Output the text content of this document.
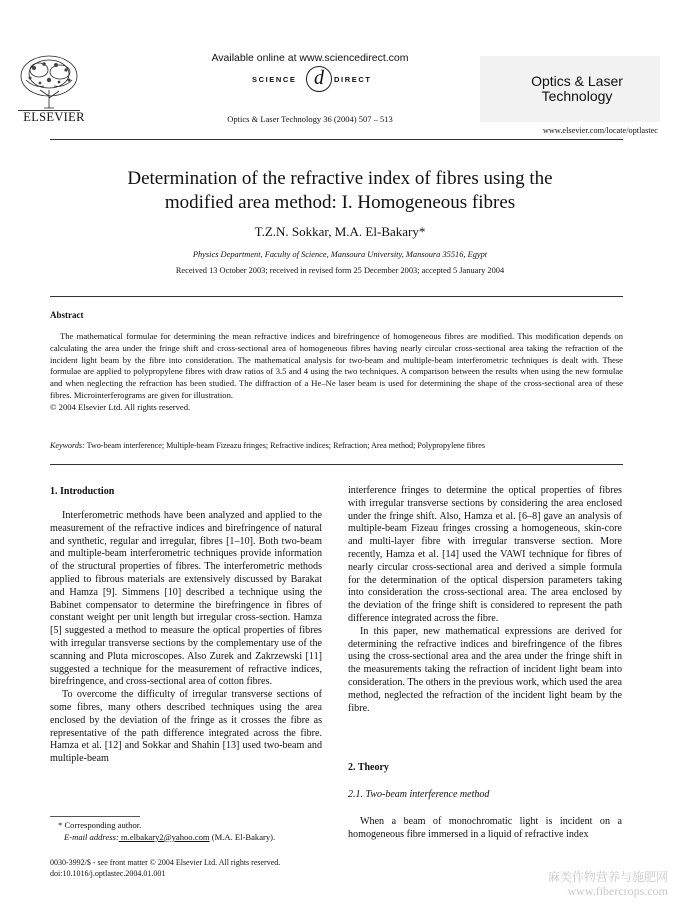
ELSEVIER
Available online at www.sciencedirect.com
SCIENCE d	DIRECT
Optics & Laser Technology 36 (2004) 507 – 513
Optics & Laser
Technology
www.elsevier.com/locate/optlastec
Determination of the refractive index of fibres using the
modified area method: I. Homogeneous fibres
T.Z.N. Sokkar, M.A. El-Bakary*
Physics Department, Faculty of Science, Mansoura University, Mansoura 35516, Egypt
Received 13 October 2003; received in revised form 25 December 2003; accepted 5 January 2004
Abstract

The mathematical formulae for determining the mean refractive indices and birefringence of homogeneous fibres are modified. This modification depends on calculating the area under the fringe shift and cross-sectional area of homogeneous fibres having nearly circular cross-sectional area taking the refraction of the incident light beam by the fibre into consideration. The mathematical analysis for two-beam and multiple-beam interferometric techniques is dealt with. These formulae are applied to polypropylene fibres with draw ratios of 3.5 and 4 using the two techniques. A comparison between the results when using the new formulae and when neglecting the refraction has been studied. The diffraction of a He–Ne laser beam is used for determining the shape of the cross-sectional area of these fibres. Microinterferograms are given for illustration.

© 2004 Elsevier Ltd. All rights reserved.
Keywords: Two-beam interference; Multiple-beam Fizeazu fringes; Refractive indices; Refraction; Area method; Polypropylene fibres
1. Introduction

Interferometric methods have been analyzed and applied to the measurement of the refractive indices and birefringence of natural and synthetic, regular and irregular, fibres [1–10]. Both two-beam and multiple-beam interferometric techniques provide information of the structural properties of fibres. The interferometric methods applied to fibrous materials are extensively discussed by Barakat and Hamza [9]. Simmens [10] described a technique using the Babinet compensator to determine the birefringence in fibres of constant weight per unit length but irregular cross-section. Hamza [5] suggested a method to measure the optical properties of fibres with irregular transverse sections by the complementary use of the scanning and Pluta microscopes. Also Zurek and Zakrzewski [11] suggested a technique for the measurement of refractive indices, birefringence, and cross-sectional area of cotton fibres.

To overcome the difficulty of irregular transverse sections of some fibres, many others described techniques using the area enclosed by the deviation of the fringe as it crosses the fibre as representative of the path difference integrated across the fibre. Hamza et al. [12] and Sokkar and Shahin [13] used two-beam and multiple-beam

interference fringes to determine the optical properties of fibres with irregular transverse sections by considering the area enclosed under the fringe shift. Also, Hamza et al. [6–8] gave an analysis of multiple-beam Fizeau fringes crossing a homogeneous, skin-core and multi-layer fibre with irregular transverse section. More recently, Hamza et al. [14] used the VAWI technique for fibres of nearly circular cross-sectional area and derived a simple formula for the determination of the optical dispersion parameters taking into consideration the cross-sectional area. The area enclosed by the deviation of the fringe shift is considered to represent the path difference integrated across the fibre.

In this paper, new mathematical expressions are derived for determining the refractive indices and birefringence of the fibres using the cross-sectional area and the area under the fringe shift in the measurements taking the refraction of incident light beam into consideration. The others in the previous work, which used the area method, neglected the refraction of the incident light beam by the fibre.

2. Theory
2.1. Two-beam interference method

When a beam of monochromatic light is incident on a homogeneous fibre immersed in a liquid of refractive index

* Corresponding author.
E-mail address: m.elbakary2@yahoo.com (M.A. El-Bakary).
0030-3992/$ - see front matter © 2004 Elsevier Ltd. All rights reserved.
doi:10.1016/j.optlastec.2004.01.001	麻类作物营养与施肥网
www.fibercrops.com
